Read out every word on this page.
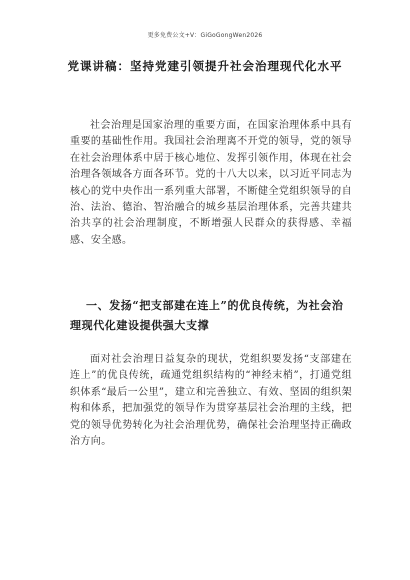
更多免费公文+V：GiGoGongWen2026
党课讲稿：坚持党建引领提升社会治理现代化水平
社会治理是国家治理的重要方面，在国家治理体系中具有重要的基础性作用。我国社会治理离不开党的领导，党的领导在社会治理体系中居于核心地位、发挥引领作用，体现在社会治理各领域各方面各环节。党的十八大以来，以习近平同志为核心的党中央作出一系列重大部署，不断健全党组织领导的自治、法治、德治、智治融合的城乡基层治理体系，完善共建共治共享的社会治理制度，不断增强人民群众的获得感、幸福感、安全感。
一、发扬“把支部建在连上”的优良传统，为社会治理现代化建设提供强大支撑
面对社会治理日益复杂的现状，党组织要发扬“支部建在连上”的优良传统，疏通党组织结构的“神经末梢”，打通党组织体系“最后一公里”，建立和完善独立、有效、坚固的组织架构和体系，把加强党的领导作为贯穿基层社会治理的主线，把党的领导优势转化为社会治理优势，确保社会治理坚持正确政治方向。
